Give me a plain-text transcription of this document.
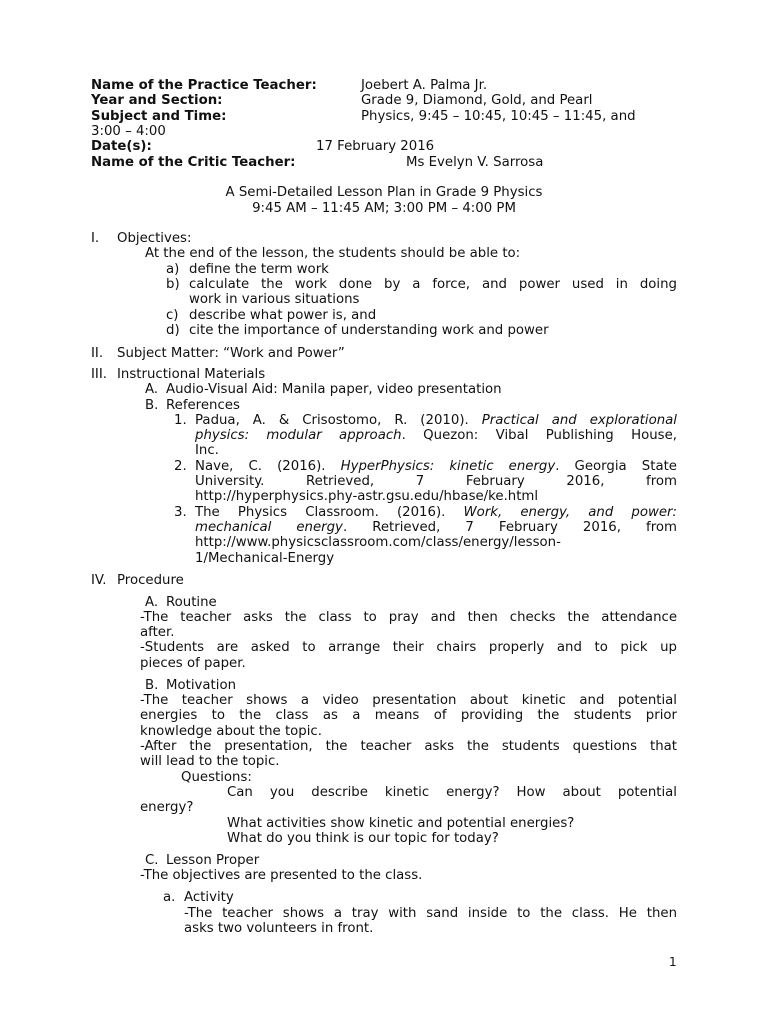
Name of the Practice Teacher:	Joebert A. Palma Jr.
Year and Section:	Grade 9, Diamond, Gold, and Pearl
Subject and Time:	Physics, 9:45 – 10:45, 10:45 – 11:45, and
3:00 – 4:00
Date(s):	17 February 2016
Name of the Critic Teacher:	Ms Evelyn V. Sarrosa
A Semi-Detailed Lesson Plan in Grade 9 Physics
9:45 AM – 11:45 AM; 3:00 PM – 4:00 PM
I. Objectives:
At the end of the lesson, the students should be able to:
a) define the term work
b) calculate the work done by a force, and power used in doing
work in various situations
c) describe what power is, and
d) cite the importance of understanding work and power
II. Subject Matter: “Work and Power”
III. Instructional Materials
A. Audio-Visual Aid: Manila paper, video presentation
B. References
1. Padua, A. & Crisostomo, R. (2010). Practical and explorational
physics: modular approach. Quezon: Vibal Publishing House,
Inc.
2. Nave, C. (2016). HyperPhysics: kinetic energy. Georgia State
University. Retrieved, 7 February 2016, from
http://hyperphysics.phy-astr.gsu.edu/hbase/ke.html
3. The Physics Classroom. (2016). Work, energy, and power:
mechanical energy. Retrieved, 7 February 2016, from
http://www.physicsclassroom.com/class/energy/lesson-
1/Mechanical-Energy
IV. Procedure
A. Routine
-The teacher asks the class to pray and then checks the attendance
after.
-Students are asked to arrange their chairs properly and to pick up
pieces of paper.
B. Motivation
-The teacher shows a video presentation about kinetic and potential
energies to the class as a means of providing the students prior
knowledge about the topic.
-After the presentation, the teacher asks the students questions that
will lead to the topic.
Questions:
Can you describe kinetic energy? How about potential
energy?
What activities show kinetic and potential energies?
What do you think is our topic for today?
C. Lesson Proper
-The objectives are presented to the class.
a. Activity
-The teacher shows a tray with sand inside to the class. He then
asks two volunteers in front.
1
